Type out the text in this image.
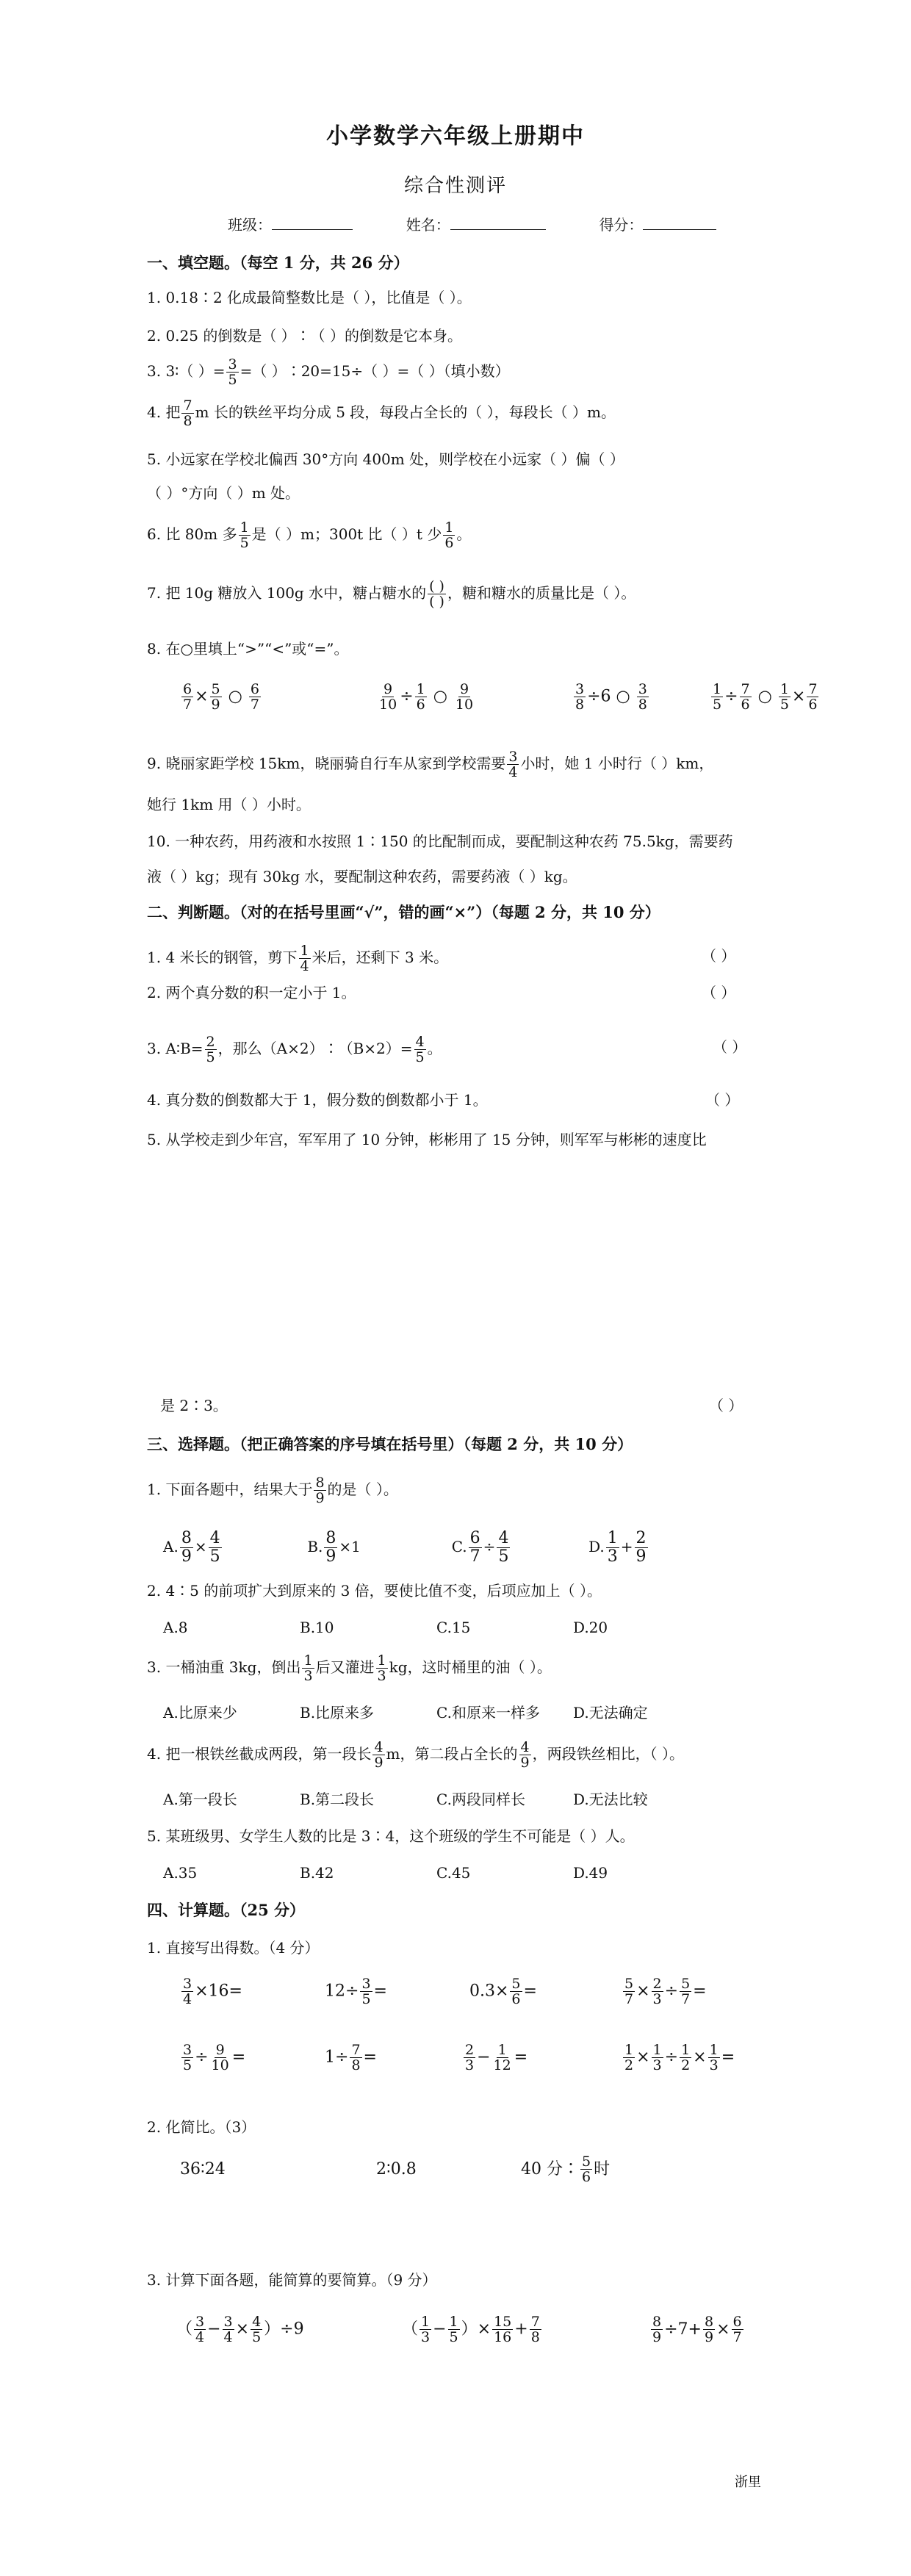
小学数学六年级上册期中
综合性测评
班级：	姓名：	得分：
一、填空题。（每空 1 分，共 26 分）
1. 0.18∶2 化成最简整数比是（ ），比值是（ ）。
2. 0.25 的倒数是（ ）∶（ ）的倒数是它本身。
3. 3∶（ ）= $\frac{3}{5}$ =（ ）∶20=15÷（ ）=（ ）（填小数）
4. 把 $\frac{7}{8}$ m 长的铁丝平均分成 5 段，每段占全长的（ ），每段长（ ）m。
5. 小远家在学校北偏西 30°方向 400m 处，则学校在小远家（ ）偏（ ）
（ ）°方向（ ）m 处。
6. 比 80m 多 $\frac{1}{5}$ 是（ ）m；300t 比（ ）t 少 $\frac{1}{6}$ 。
7. 把 10g 糖放入 100g 水中，糖占糖水的 $\frac{( )}{( )}$ ，糖和糖水的质量比是（ ）。
8. 在○里填上“>”“<”或“=”。
$\frac{6}{7} \times \frac{5}{9}$ ○ $\frac{6}{7}$
	$\frac{9}{10} \div \frac{1}{6}$ ○ $\frac{9}{10}$
	$\frac{3}{8} \div 6$ ○ $\frac{3}{8}$
	$\frac{1}{5} \div \frac{7}{6}$ ○ $\frac{1}{5} \times \frac{7}{6}$
9. 晓丽家距学校 15km，晓丽骑自行车从家到学校需要 $\frac{3}{4}$ 小时，她 1 小时行（ ）km，
她行 1km 用（ ）小时。
10. 一种农药，用药液和水按照 1∶150 的比配制而成，要配制这种农药 75.5kg，需要药
液（ ）kg；现有 30kg 水，要配制这种农药，需要药液（ ）kg。
二、判断题。（对的在括号里画“√”，错的画“×”）（每题 2 分，共 10 分）
1. 4 米长的钢管，剪下 $\frac{1}{4}$ 米后，还剩下 3 米。	（ ）
2. 两个真分数的积一定小于 1。	（ ）
3. A∶B= $\frac{2}{5}$ ，那么（A×2）∶（B×2）= $\frac{4}{5}$ 。	（ ）
4. 真分数的倒数都大于 1，假分数的倒数都小于 1。	（ ）
5. 从学校走到少年宫，军军用了 10 分钟，彬彬用了 15 分钟，则军军与彬彬的速度比
是 2∶3。	（ ）
三、选择题。（把正确答案的序号填在括号里）（每题 2 分，共 10 分）
1. 下面各题中，结果大于 $\frac{8}{9}$ 的是（ ）。
A. $\frac{8}{9} \times \frac{4}{5}$	B. $\frac{8}{9} \times 1$	C. $\frac{6}{7} \div \frac{4}{5}$	D. $\frac{1}{3} + \frac{2}{9}$
2. 4∶5 的前项扩大到原来的 3 倍，要使比值不变，后项应加上（ ）。
A.8	B.10	C.15	D.20
3. 一桶油重 3kg，倒出 $\frac{1}{3}$ 后又灌进 $\frac{1}{3}$ kg，这时桶里的油（ ）。
A.比原来少	B.比原来多	C.和原来一样多 D.无法确定
4. 把一根铁丝截成两段，第一段长 $\frac{4}{9}$ m，第二段占全长的 $\frac{4}{9}$ ，两段铁丝相比，（ ）。
A.第一段长	B.第二段长	C.两段同样长	D.无法比较
5. 某班级男、女学生人数的比是 3∶4，这个班级的学生不可能是（ ）人。
A.35	B.42	C.45	D.49
四、计算题。（25 分）
1. 直接写出得数。（4 分）
$\frac{3}{4} \times 16=$	$12\div \frac{3}{5}$ =	$0.3\times \frac{5}{6}$ =	$\frac{5}{7} \times \frac{2}{3} \div \frac{5}{7}$ =
$\frac{3}{5} \div \frac{9}{10}$ =	$1\div \frac{7}{8}$ =	$\frac{2}{3} - \frac{1}{12}$ =	$\frac{1}{2} \times \frac{1}{3} \div \frac{1}{2} \times \frac{1}{3}$ =
2. 化简比。（3）
36∶24	2∶0.8	40 分∶ $\frac{5}{6}$ 时
3. 计算下面各题，能简算的要简算。（9 分）
（ $\frac{3}{4} - \frac{3}{4} \times \frac{4}{5} )\div 9$	（ $\frac{1}{3} - \frac{1}{5}$ ）× $\frac{15}{16} + \frac{7}{8}$
	$\frac{8}{9} \div 7+ \frac{8}{9} \times \frac{6}{7}$
浙里
